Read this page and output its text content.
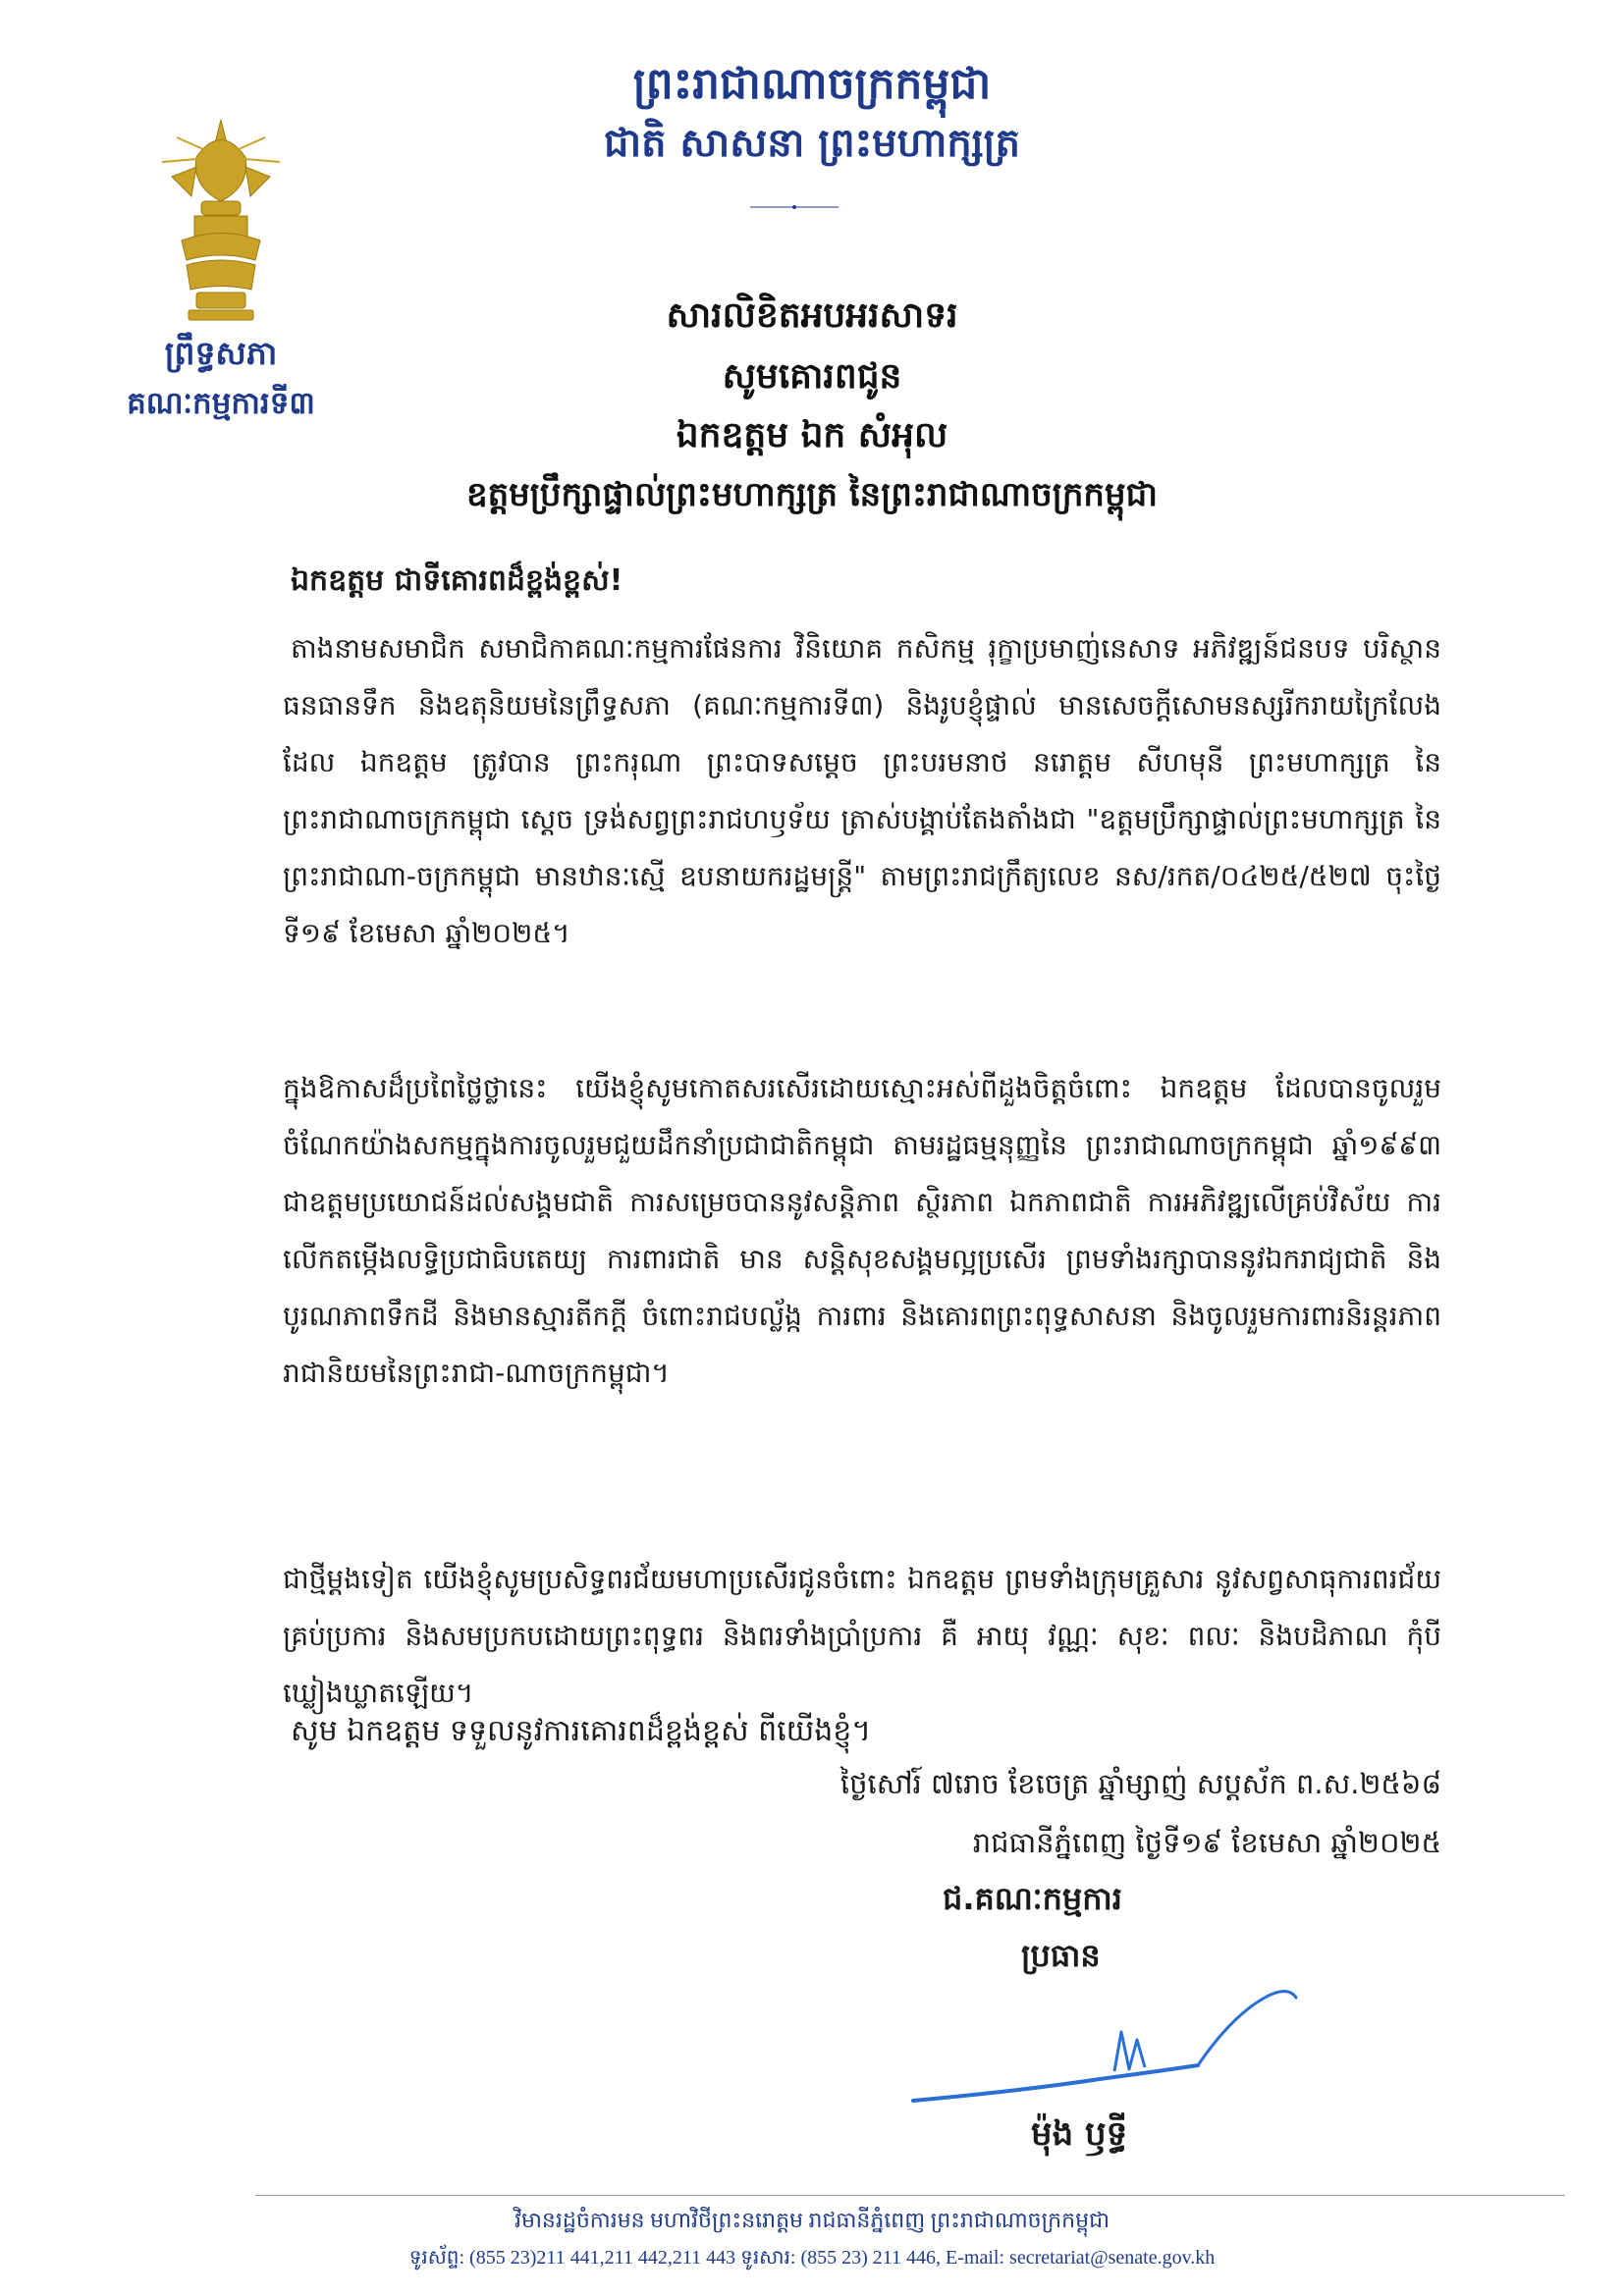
ព្រះរាជាណាចក្រកម្ពុជា
ជាតិ សាសនា ព្រះមហាក្សត្រ
ព្រឹទ្ធសភា
គណៈកម្មការទី៣
សារលិខិតអបអរសាទរ
សូមគោរពជូន
ឯកឧត្តម ឯក សំអុល
ឧត្តមប្រឹក្សាផ្ទាល់ព្រះមហាក្សត្រ នៃព្រះរាជាណាចក្រកម្ពុជា
ឯកឧត្តម ជាទីគោរពដ៏ខ្ពង់ខ្ពស់!
តាងនាមសមាជិក សមាជិកាគណៈកម្មការផែនការ វិនិយោគ កសិកម្ម រុក្ខាប្រមាញ់នេសាទ អភិវឌ្ឍន៍ជនបទ បរិស្ថាន ធនធានទឹក និងឧតុនិយមនៃព្រឹទ្ធសភា (គណៈកម្មការទី៣) និងរូបខ្ញុំផ្ទាល់ មានសេចក្តីសោមនស្សរីករាយក្រៃលែង ដែល ឯកឧត្តម ត្រូវបាន ព្រះករុណា ព្រះបាទសម្តេច ព្រះបរមនាថ នរោត្តម សីហមុនី ព្រះមហាក្សត្រ នៃព្រះរាជាណាចក្រកម្ពុជា ស្តេច ទ្រង់សព្វព្រះរាជហឫទ័យ ត្រាស់បង្គាប់តែងតាំងជា "ឧត្តមប្រឹក្សាផ្ទាល់ព្រះមហាក្សត្រ នៃព្រះរាជាណា-ចក្រកម្ពុជា មានឋានៈស្មើ ឧបនាយករដ្ឋមន្ត្រី" តាមព្រះរាជក្រឹត្យលេខ នស/រកត/០៤២៥/៥២៧ ចុះថ្ងៃ ទី១៩ ខែមេសា ឆ្នាំ២០២៥។
ក្នុងឱកាសដ៏ប្រពៃថ្លៃថ្លានេះ យើងខ្ញុំសូមកោតសរសើរដោយស្មោះអស់ពីដួងចិត្តចំពោះ ឯកឧត្តម ដែលបានចូលរួមចំណែកយ៉ាងសកម្មក្នុងការចូលរួមជួយដឹកនាំប្រជាជាតិកម្ពុជា តាមរដ្ឋធម្មនុញ្ញនៃ ព្រះរាជាណាចក្រកម្ពុជា ឆ្នាំ១៩៩៣ ជាឧត្តមប្រយោជន៍ដល់សង្គមជាតិ ការសម្រេចបាននូវសន្តិភាព ស្ថិរភាព ឯកភាពជាតិ ការអភិវឌ្ឍលើគ្រប់វិស័យ ការលើកតម្កើងលទ្ធិប្រជាធិបតេយ្យ ការពារជាតិ មាន សន្តិសុខសង្គមល្អប្រសើរ ព្រមទាំងរក្សាបាននូវឯករាជ្យជាតិ និងបូរណភាពទឹកដី និងមានស្មារតីកក្តី ចំពោះរាជបល្ល័ង្ក ការពារ និងគោរពព្រះពុទ្ធសាសនា និងចូលរួមការពារនិរន្តរភាពរាជានិយមនៃព្រះរាជា-ណាចក្រកម្ពុជា។
ជាថ្មីម្តងទៀត យើងខ្ញុំសូមប្រសិទ្ធពរជ័យមហាប្រសើរជូនចំពោះ ឯកឧត្តម ព្រមទាំងក្រុមគ្រួសារ នូវសព្វសាធុការពរជ័យគ្រប់ប្រការ និងសមប្រកបដោយព្រះពុទ្ធពរ និងពរទាំងប្រាំប្រការ គឺ អាយុ វណ្ណៈ សុខៈ ពលៈ និងបដិភាណ កុំបីឃ្លៀងឃ្លាតឡើយ។
សូម ឯកឧត្តម ទទួលនូវការគោរពដ៏ខ្ពង់ខ្ពស់ ពីយើងខ្ញុំ។
ថ្ងៃសៅរ៍ ៧រោច ខែចេត្រ ឆ្នាំម្សាញ់ សប្តស័ក ព.ស.២៥៦៨
រាជធានីភ្នំពេញ ថ្ងៃទី១៩ ខែមេសា ឆ្នាំ២០២៥
ជ.គណៈកម្មការ
ប្រធាន
ម៉ុង ឫទ្ធី
វិមានរដ្ឋចំការមន មហាវិថីព្រះនរោត្តម រាជធានីភ្នំពេញ ព្រះរាជាណាចក្រកម្ពុជា
ទូរស័ព្ទ: (855 23)211 441,211 442,211 443 ទូរសារ: (855 23) 211 446, E-mail: secretariat@senate.gov.kh
